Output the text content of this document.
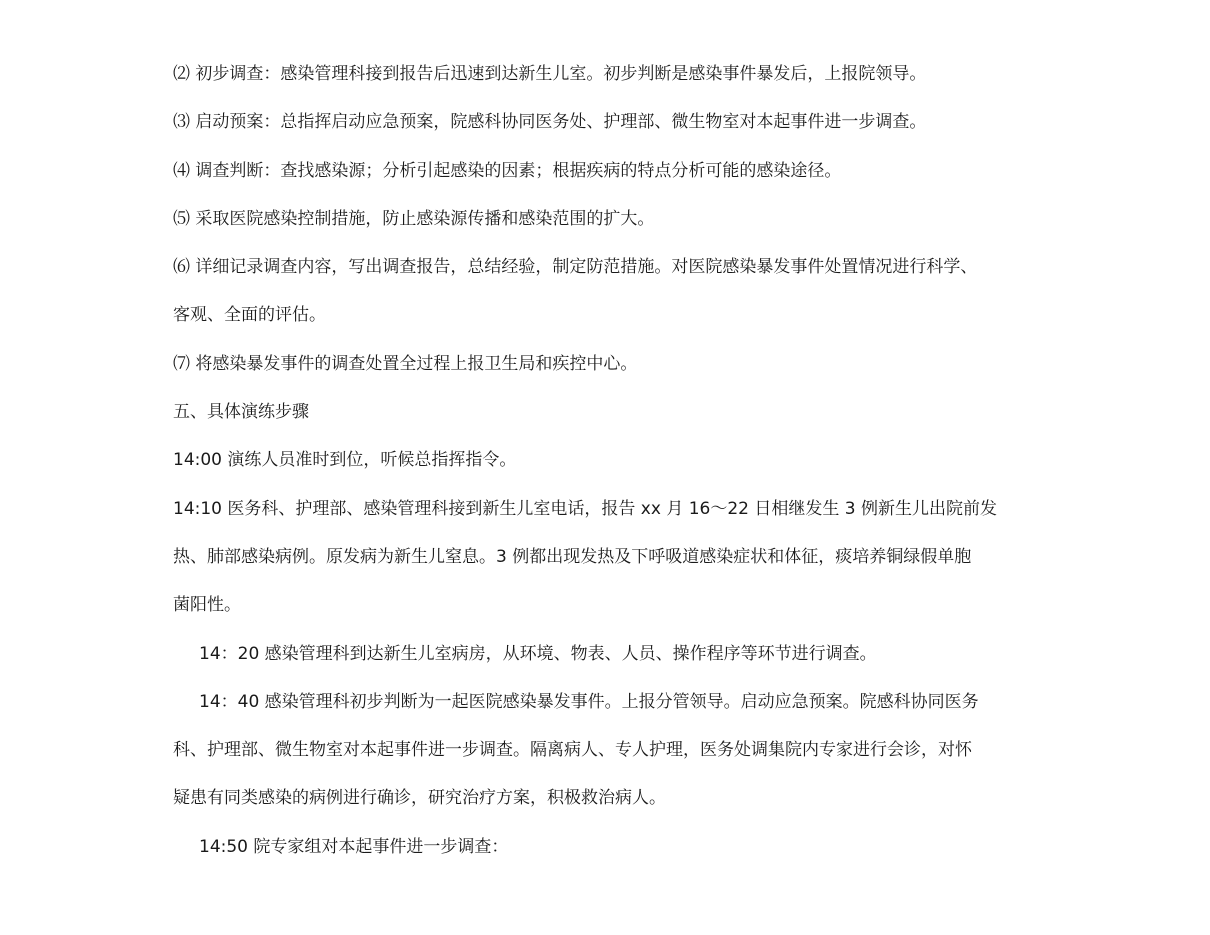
⑵ 初步调查：感染管理科接到报告后迅速到达新生儿室。初步判断是感染事件暴发后，上报院领导。

⑶ 启动预案：总指挥启动应急预案，院感科协同医务处、护理部、微生物室对本起事件进一步调查。

⑷ 调查判断：查找感染源；分析引起感染的因素；根据疾病的特点分析可能的感染途径。

⑸ 采取医院感染控制措施，防止感染源传播和感染范围的扩大。

⑹ 详细记录调查内容，写出调查报告，总结经验，制定防范措施。对医院感染暴发事件处置情况进行科学、
客观、全面的评估。

⑺ 将感染暴发事件的调查处置全过程上报卫生局和疾控中心。

五、具体演练步骤

14:00 演练人员准时到位，听候总指挥指令。

14:10 医务科、护理部、感染管理科接到新生儿室电话，报告 xx 月 16～22 日相继发生 3 例新生儿出院前发
热、肺部感染病例。原发病为新生儿窒息。3 例都出现发热及下呼吸道感染症状和体征，痰培养铜绿假单胞
菌阳性。

14：20 感染管理科到达新生儿室病房，从环境、物表、人员、操作程序等环节进行调查。

14：40 感染管理科初步判断为一起医院感染暴发事件。上报分管领导。启动应急预案。院感科协同医务
科、护理部、微生物室对本起事件进一步调查。隔离病人、专人护理，医务处调集院内专家进行会诊，对怀
疑患有同类感染的病例进行确诊，研究治疗方案，积极救治病人。

14:50 院专家组对本起事件进一步调查：
